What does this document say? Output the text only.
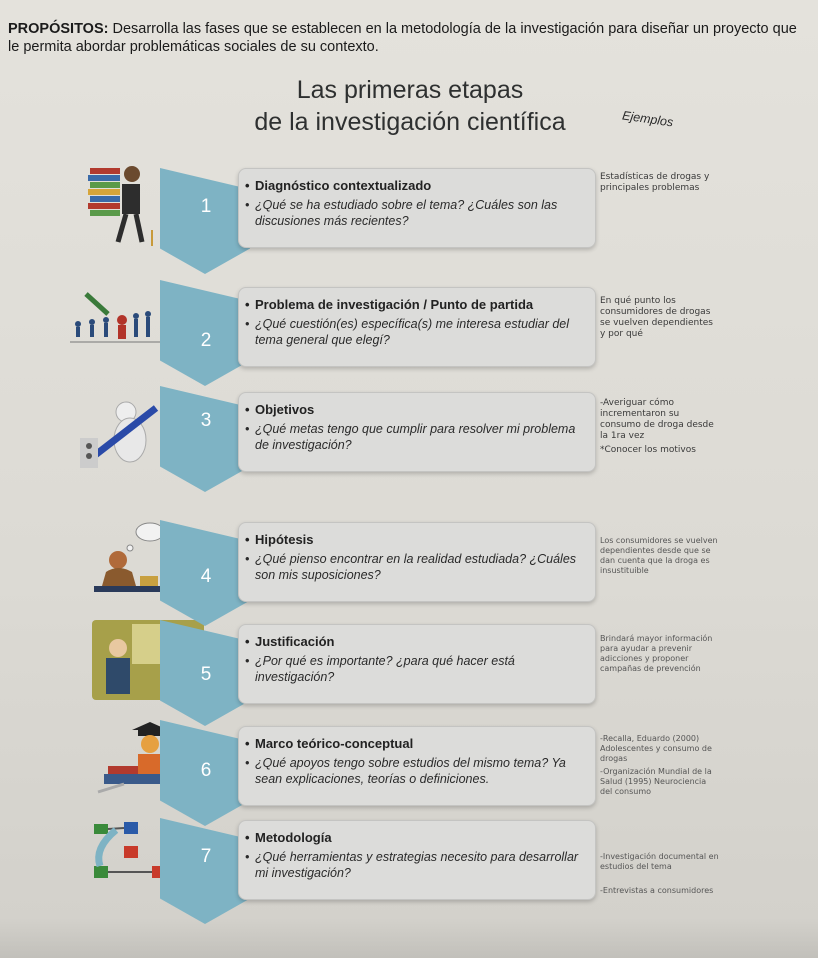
PROPÓSITOS: Desarrolla las fases que se establecen en la metodología de la investigación para diseñar un proyecto que le permita abordar problemáticas sociales de su contexto.
Las primeras etapas
de la investigación científica	Ejemplos
1
• Diagnóstico contextualizado
• ¿Qué se ha estudiado sobre el tema? ¿Cuáles son las discusiones más recientes?
Estadísticas de drogas y principales problemas
2
• Problema de investigación / Punto de partida
• ¿Qué cuestión(es) específica(s) me interesa estudiar del tema general que elegí?
En qué punto los consumidores de drogas se vuelven dependientes y por qué
3
• Objetivos
• ¿Qué metas tengo que cumplir para resolver mi problema de investigación?
-Averiguar cómo incrementaron su consumo de droga desde la 1ra vez
*Conocer los motivos
4
• Hipótesis
• ¿Qué pienso encontrar en la realidad estudiada? ¿Cuáles son mis suposiciones?
Los consumidores se vuelven dependientes desde que se dan cuenta que la droga es insustituible
5
• Justificación
• ¿Por qué es importante? ¿para qué hacer está investigación?
Brindará mayor información para ayudar a prevenir adicciones y proponer campañas de prevención
6
• Marco teórico-conceptual
• ¿Qué apoyos tengo sobre estudios del mismo tema? Ya sean explicaciones, teorías o definiciones.
-Recalla, Eduardo (2000) Adolescentes y consumo de drogas
-Organización Mundial de la Salud (1995) Neurociencia del consumo
7
• Metodología
• ¿Qué herramientas y estrategias necesito para desarrollar mi investigación?
-Investigación documental en estudios del tema
-Entrevistas a consumidores
